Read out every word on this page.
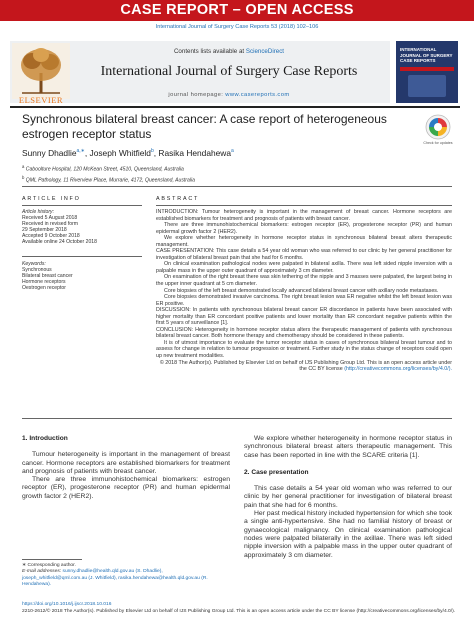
CASE REPORT – OPEN ACCESS
International Journal of Surgery Case Reports 53 (2018) 102–106
ELSEVIER
Contents lists available at ScienceDirect
International Journal of Surgery Case Reports
journal homepage: www.casereports.com
INTERNATIONAL JOURNAL OF SURGERY CASE REPORTS
Synchronous bilateral breast cancer: A case report of heterogeneous estrogen receptor status
Check for updates
Sunny Dhadlie$^{a,∗}$, Joseph Whitfield$^b$, Rasika Hendahewa$^a$
$^a$ Caboolture Hospital, 120 McKean Street, 4510, Queensland, Australia
$^b$ QML Pathology, 11 Riverview Place, Murrarie, 4172, Queensland, Australia
ARTICLE INFO
Article history:
Received 5 August 2018
Received in revised form
29 September 2018
Accepted 9 October 2018
Available online 24 October 2018
Keywords:
Synchronous
Bilateral breast cancer
Hormone receptors
Oestrogen receptor
ABSTRACT

INTRODUCTION: Tumour heterogeneity is important in the management of breast cancer. Hormone receptors are established biomarkers for treatment and prognosis of patients with breast cancer.

There are three immunohistochemical biomarkers: estrogen receptor (ER), progesterone receptor (PR) and human epidermal growth factor 2 (HER2).

We explore whether heterogeneity in hormone receptor status in synchronous bilateral breast alters therapeutic management.

CASE PRESENTATION: This case details a 54 year old woman who was referred to our clinic by her general practitioner for investigation of bilateral breast pain that she had for 6 months.

On clinical examination pathological nodes were palpated in bilateral axilla. There was left sided nipple inversion with a palpable mass in the upper outer quadrant of approximately 3 cm diameter.

On examination of the right breast there was skin tethering of the nipple and 3 masses were palpated, the largest being in the upper inner quadrant at 5 cm diameter.

Core biopsies of the left breast demonstrated locally advanced bilateral breast cancer with axillary node metastases.

Core biopsies demonstrated invasive carcinoma. The right breast lesion was ER negative whilst the left breast lesion was ER positive.

DISCUSSION: In patients with synchronous bilateral breast cancer ER discordance in patients have been associated with higher mortality than ER concordant positive patients and lower mortality than ER concordant negative patients within the first 5 years of surveillance [1].

CONCLUSION: Heterogeneity in hormone receptor status alters the therapeutic management of patients with synchronous bilateral breast cancer. Both hormone therapy and chemotherapy should be considered in these patients.

It is of utmost importance to evaluate the tumor receptor status in cases of synchronous bilateral breast tumour and to assess for change in relation to tumour progression or treatment. Further study in the status change of receptors could open up new treatment modalities.

© 2018 The Author(s). Published by Elsevier Ltd on behalf of IJS Publishing Group Ltd. This is an open access article under the CC BY license (http://creativecommons.org/licenses/by/4.0/).

1. Introduction

Tumour heterogeneity is important in the management of breast cancer. Hormone receptors are established biomarkers for treatment and prognosis of patients with breast cancer.

There are three immunohistochemical biomarkers: estrogen receptor (ER), progesterone receptor (PR) and human epidermal growth factor 2 (HER2).

We explore whether heterogeneity in hormone receptor status in synchronous bilateral breast alters therapeutic management. This case has been reported in line with the SCARE criteria [1].

2. Case presentation

This case details a 54 year old woman who was referred to our clinic by her general practitioner for investigation of bilateral breast pain that she had for 6 months.

Her past medical history included hypertension for which she took a single anti-hypertensive. She had no familial history of breast or gynaecological malignancy. On clinical examination pathological nodes were palpated bilaterally in the axillae. There was left sided nipple inversion with a palpable mass in the upper outer quadrant of approximately 3 cm diameter.

∗ Corresponding author.
E-mail addresses: sunny.dhadlie@health.qld.gov.au (S. Dhadlie), joseph_whitfield@qml.com.au (J. Whitfield), rasika.hendahewa@health.qld.gov.au (R. Hendahewa).
https://doi.org/10.1016/j.ijscr.2018.10.016
2210-2612/© 2018 The Author(s). Published by Elsevier Ltd on behalf of IJS Publishing Group Ltd. This is an open access article under the CC BY license (http://creativecommons.org/licenses/by/4.0/).
